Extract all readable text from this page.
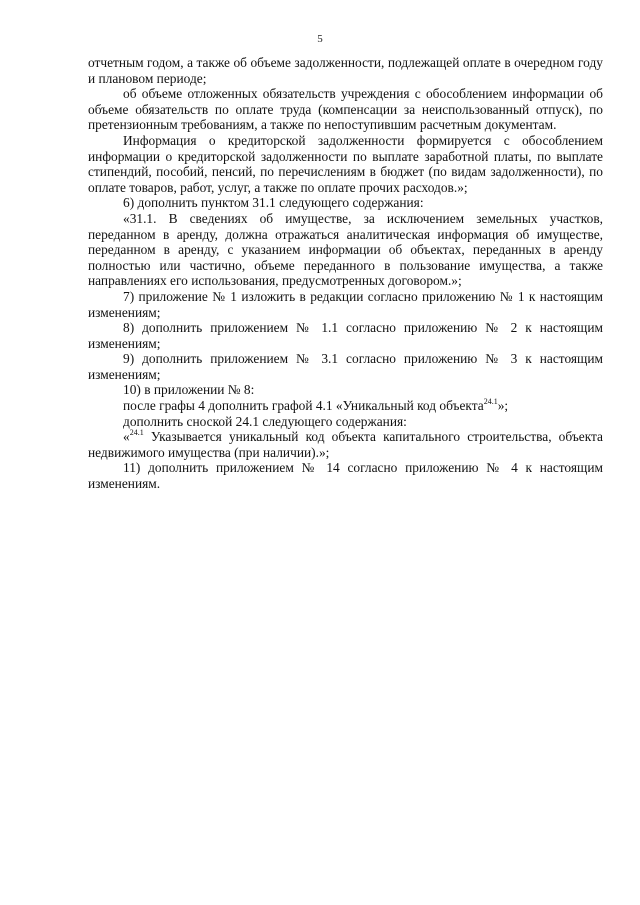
5

отчетным годом, а также об объеме задолженности, подлежащей оплате в очередном году и плановом периоде;

об объеме отложенных обязательств учреждения с обособлением информации об объеме обязательств по оплате труда (компенсации за неиспользованный отпуск), по претензионным требованиям, а также по непоступившим расчетным документам.

Информация о кредиторской задолженности формируется с обособлением информации о кредиторской задолженности по выплате заработной платы, по выплате стипендий, пособий, пенсий, по перечислениям в бюджет (по видам задолженности), по оплате товаров, работ, услуг, а также по оплате прочих расходов.»;

6) дополнить пунктом 31.1 следующего содержания:

«31.1. В сведениях об имуществе, за исключением земельных участков, переданном в аренду, должна отражаться аналитическая информация об имуществе, переданном в аренду, с указанием информации об объектах, переданных в аренду полностью или частично, объеме переданного в пользование имущества, а также направлениях его использования, предусмотренных договором.»;

7) приложение № 1 изложить в редакции согласно приложению № 1 к настоящим изменениям;

8) дополнить приложением № 1.1 согласно приложению № 2 к настоящим изменениям;

9) дополнить приложением № 3.1 согласно приложению № 3 к настоящим изменениям;

10) в приложении № 8:

после графы 4 дополнить графой 4.1 «Уникальный код объекта$^{24.1}$»;

дополнить сноской 24.1 следующего содержания:

«$^{24.1}$ Указывается уникальный код объекта капитального строительства, объекта недвижимого имущества (при наличии).»;

11) дополнить приложением № 14 согласно приложению № 4 к настоящим изменениям.
